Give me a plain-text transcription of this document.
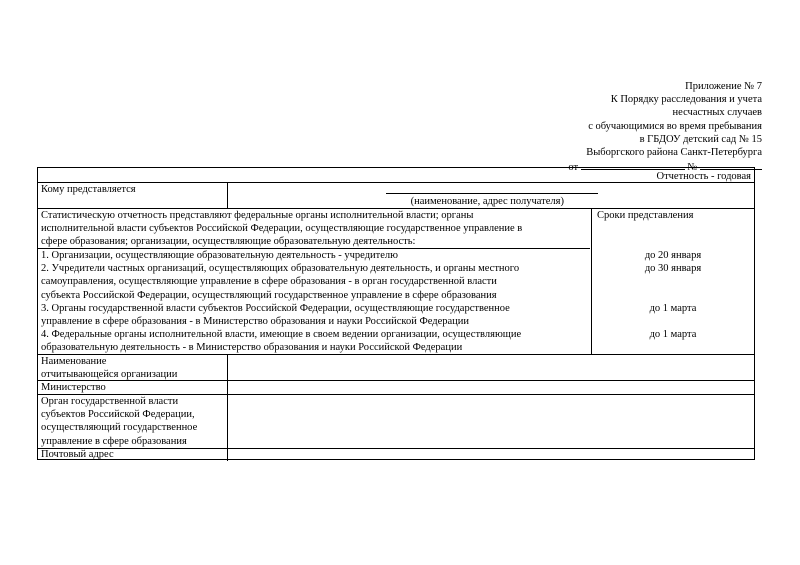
Приложение № 7
К Порядку расследования и учета
несчастных случаев
с обучающимися во время пребывания
в ГБДОУ детский сад № 15
Выборгского района Санкт-Петербурга
от	№
Отчетность - годовая
Кому представляется
(наименование, адрес получателя)
Статистическую отчетность представляют федеральные органы исполнительной власти; органы
исполнительной власти субъектов Российской Федерации, осуществляющие государственное управление в
сфере образования; организации, осуществляющие образовательную деятельность:
Сроки представления
1. Организации, осуществляющие образовательную деятельность - учредителю
2. Учредители частных организаций, осуществляющих образовательную деятельность, и органы местного
самоуправления, осуществляющие управление в сфере образования - в орган государственной власти
субъекта Российской Федерации, осуществляющий государственное управление в сфере образования
3. Органы государственной власти субъектов Российской Федерации, осуществляющие государственное
управление в сфере образования - в Министерство образования и науки Российской Федерации
4. Федеральные органы исполнительной власти, имеющие в своем ведении организации, осуществляющие
образовательную деятельность - в Министерство образования и науки Российской Федерации
до 20 января
до 30 января
до 1 марта
до 1 марта
Наименование
отчитывающейся организации
Министерство
Орган государственной власти
субъектов Российской Федерации,
осуществляющий государственное
управление в сфере образования
Почтовый адрес
